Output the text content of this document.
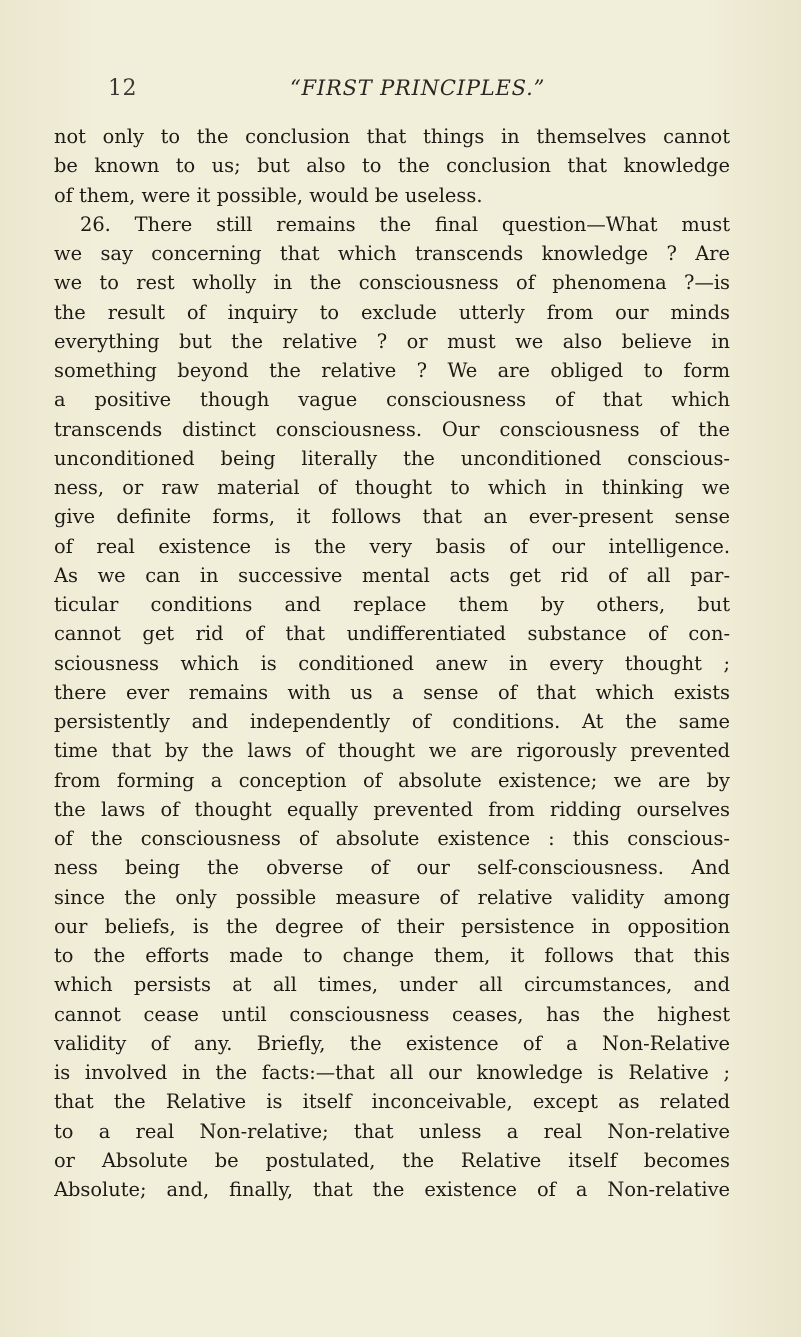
12	“FIRST PRINCIPLES.”
not only to the conclusion that things in themselves cannot
be known to us; but also to the conclusion that knowledge
of them, were it possible, would be useless.
26. There still remains the final question—What must
we say concerning that which transcends knowledge ? Are
we to rest wholly in the consciousness of phenomena ?—is
the result of inquiry to exclude utterly from our minds
everything but the relative ? or must we also believe in
something beyond the relative ? We are obliged to form
a positive though vague consciousness of that which
transcends distinct consciousness. Our consciousness of the
unconditioned being literally the unconditioned conscious-
ness, or raw material of thought to which in thinking we
give definite forms, it follows that an ever-present sense
of real existence is the very basis of our intelligence.
As we can in successive mental acts get rid of all par-
ticular conditions and replace them by others, but
cannot get rid of that undifferentiated substance of con-
sciousness which is conditioned anew in every thought ;
there ever remains with us a sense of that which exists
persistently and independently of conditions. At the same
time that by the laws of thought we are rigorously prevented
from forming a conception of absolute existence; we are by
the laws of thought equally prevented from ridding ourselves
of the consciousness of absolute existence : this conscious-
ness being the obverse of our self-consciousness. And
since the only possible measure of relative validity among
our beliefs, is the degree of their persistence in opposition
to the efforts made to change them, it follows that this
which persists at all times, under all circumstances, and
cannot cease until consciousness ceases, has the highest
validity of any. Briefly, the existence of a Non-Relative
is involved in the facts:—that all our knowledge is Relative ;
that the Relative is itself inconceivable, except as related
to a real Non-relative; that unless a real Non-relative
or Absolute be postulated, the Relative itself becomes
Absolute; and, finally, that the existence of a Non-relative
